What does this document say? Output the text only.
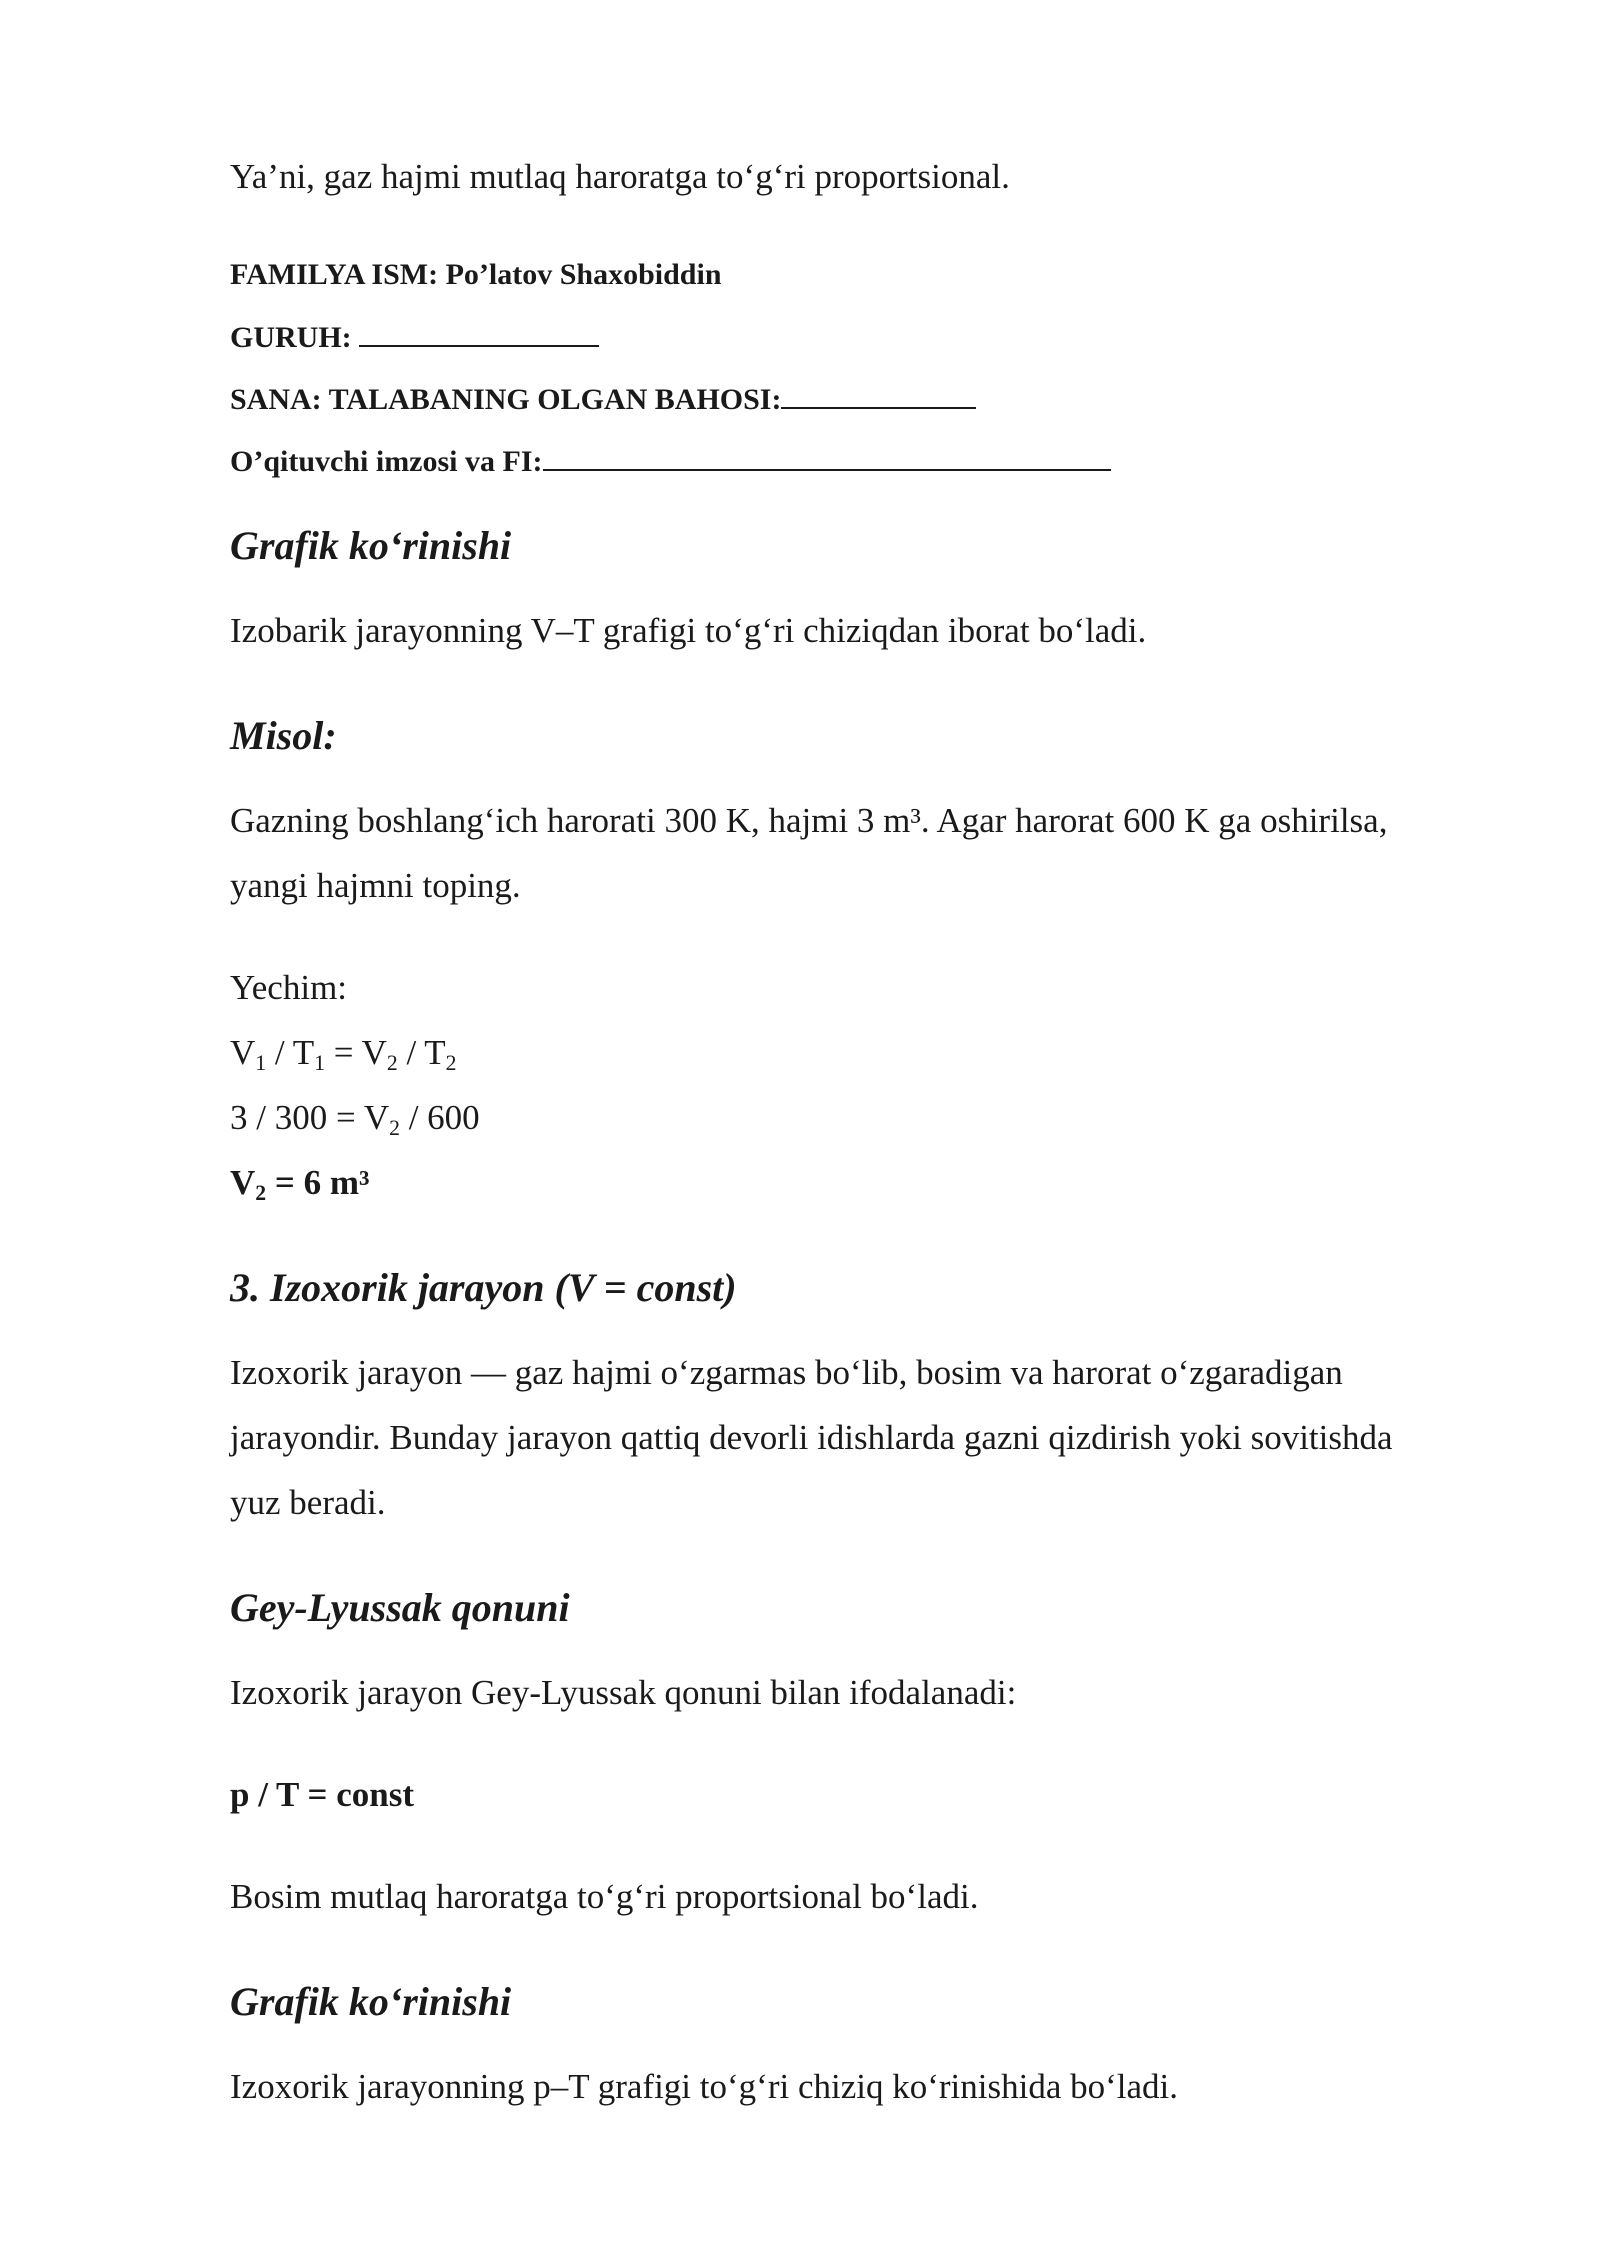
Ya’ni, gaz hajmi mutlaq haroratga to‘g‘ri proportsional.

FAMILYA ISM: Po’latov Shaxobiddin

GURUH:

SANA: TALABANING OLGAN BAHOSI:

O’qituvchi imzosi va FI:

Grafik ko‘rinishi

Izobarik jarayonning V–T grafigi to‘g‘ri chiziqdan iborat bo‘ladi.

Misol:

Gazning boshlang‘ich harorati 300 K, hajmi 3 m³. Agar harorat 600 K ga oshirilsa,

yangi hajmni toping.

Yechim:

$V_1 / T_1 = V_2 / T_2$

$3 / 300 = V_2 / 600$

$V_2 = 6$ m³

3. Izoxorik jarayon (V = const)

Izoxorik jarayon — gaz hajmi o‘zgarmas bo‘lib, bosim va harorat o‘zgaradigan

jarayondir. Bunday jarayon qattiq devorli idishlarda gazni qizdirish yoki sovitishda

yuz beradi.

Gey-Lyussak qonuni

Izoxorik jarayon Gey-Lyussak qonuni bilan ifodalanadi:

p / T = const

Bosim mutlaq haroratga to‘g‘ri proportsional bo‘ladi.

Grafik ko‘rinishi

Izoxorik jarayonning p–T grafigi to‘g‘ri chiziq ko‘rinishida bo‘ladi.
